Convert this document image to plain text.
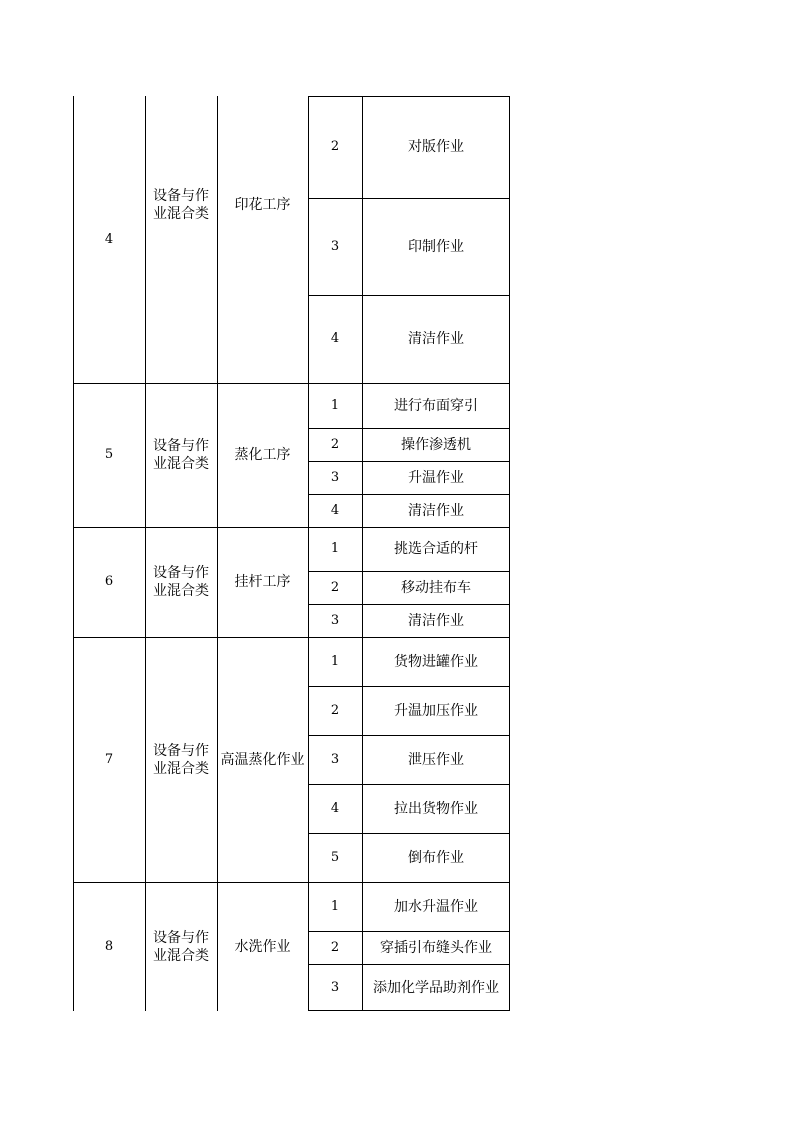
4
设备与作业混合类
印花工序
2	对版作业
3	印制作业
4	清洁作业
5
设备与作业混合类
蒸化工序
1	进行布面穿引
2	操作渗透机
3	升温作业
4	清洁作业
6
设备与作业混合类
挂杆工序
1	挑选合适的杆
2	移动挂布车
3	清洁作业
7
设备与作业混合类
高温蒸化作业
1	货物进罐作业
2	升温加压作业
3	泄压作业
4	拉出货物作业
5	倒布作业
8
设备与作业混合类
水洗作业
1	加水升温作业
2	穿插引布缝头作业
3	添加化学品助剂作业
